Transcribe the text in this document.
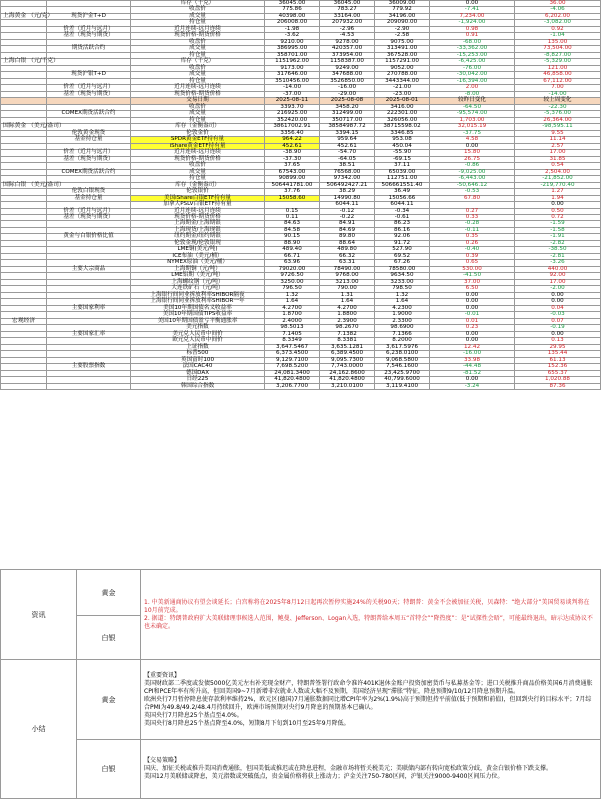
		库存（千克）	36045.00	36045.00	36009.00	0.00	36.00
		收盘价	775.86	783.27	779.92	-7.41	-4.06
上海黄金 （元/克）	现货沪金T+D	成交量	40398.00	33164.00	34196.00	7,234.00	6,202.00
		持仓量	206008.00	207932.00	209090.00	-1,924.00	-3,082.00
	价差（近月与远月）	近月连续-远月连续	-1.98	-2.96	-2.90	0.98	0.92
	基差（现货与期货）	现货价格-期货价格	-3.62	-4.53	-2.58	0.91	-1.04
		收盘价	9210.00	9278.00	9075.00	-68.00	135.00
	期货活跃合约	成交量	386995.00	420357.00	313491.00	-33,362.00	73,504.00
		持仓量	358701.00	373954.00	367528.00	-15,253.00	-8,827.00
上海白银 （元/千克）		库存（千克）	1151962.00	1158387.00	1157291.00	-6,425.00	-5,329.00
		收盘价	9173.00	9249.00	9052.00	-76.00	121.00
	现货沪银T+D	成交量	317646.00	347688.00	270788.00	-30,042.00	46,858.00
		持仓量	3510456.00	3526850.00	3443344.00	-16,394.00	67,112.00
	价差（近月与远月）	近月连续-远月连续	-14.00	-16.00	-21.00	2.00	7.00
	基差（现货与期货）	现货价格-期货价格	-37.00	-29.00	-23.00	-8.00	-14.00
		交易日期	2025-08-11	2025-08-08	2025-08-01	较昨日变化	较上周变化
		收盘价	3393.70	3458.20	3416.00	-64.50	-22.30
	COMEX期货活跃合约	成交量	216925.00	312499.00	222301.00	-95,574.00	-5,376.00
		持仓量	352420.00	350717.00	326056.00	1,703.00	26,364.00
国际黄金 （美元/盎司）		库存（金衡盎司）	38617002.91	38584987.72	38715598.02	32,015.19	-98,595.11
	伦敦黄金现货	伦敦金价	3356.40	3394.15	3346.85	-37.75	9.55
	基金持仓量	SPDR黄金ETF持有量	964.22	959.64	953.08	4.58	11.14
		iShare黄金ETF持有量	452.61	452.61	450.04	0.00	2.57
	价差（近月与远月）	近月连续-远月连续	-38.90	-54.70	-55.90	15.80	17.00
	基差（现货与期货）	现货价格-期货价格	-37.30	-64.05	-69.15	26.75	31.85
		收盘价	37.65	38.51	37.11	-0.86	0.54
	COMEX期货活跃合约	成交量	67543.00	76568.00	65039.00	-9,025.00	2,504.00
		持仓量	90899.00	97342.00	112751.00	-6,443.00	-21,852.00
国际白银 （美元/盎司）		库存（金衡盎司）	506441781.00	506492427.21	506661551.40	-50,646.12	-219,770.40
	伦敦白银现货	伦敦银价	37.76	38.29	36.49	-0.53	1.27
	基金持仓量	美国iShare白银ETF持有量	15058.60	14990.80	15056.66	67.80	1.94
		加拿大PSLV白银ETF持有量		6044.11	6044.11		0.00
	价差（近月与远月）	近月连续-远月连续	0.15	-0.12	-0.34	0.27	0.50
	基差（现货与期货）	现货价格-期货价格	0.11	-0.22	-0.61	0.33	0.72
		上海期金/上海期银	84.63	84.91	86.23	-0.28	-1.59
		上海现货/上海现银	84.58	84.69	86.16	-0.11	-1.58
	黄金与白银价格比值	纽约期金/纽约期银	90.15	89.80	92.06	0.35	-1.91
		伦敦金现/伦敦银现	88.90	88.64	91.72	0.26	-2.82
		LME铜(美元/吨)	489.40	489.80	527.90	-0.40	-38.50
		ICE布油（美元/桶）	66.71	66.32	69.52	0.39	-2.81
		NYMEX原油（美元/桶）	63.96	63.31	67.26	0.65	-3.26
	主要大宗商品	上海期铜（元/吨）	79020.00	78490.00	78580.00	530.00	440.00
		LME铝期（美元/吨）	9726.50	9768.00	9634.50	-41.50	92.00
		上海螺纹钢（元/吨）	3250.00	3213.00	3233.00	37.00	17.00
		大连铁矿石（元/吨）	796.50	790.00	798.50	6.50	-2.00
		上海银行间同业拆放利率SHIBOR隔夜	1.32	1.31	1.32	0.00	0.00
		上海银行间同业拆放利率SHIBOR一年	1.64	1.64	1.64	0.00	0.00
	主要国家利率	美国10年期国债名义收益率	4.2700	4.2700	4.2300	0.00	0.04
		美国10年期国债TIPS收益率	1.8700	1.8800	1.9000	-0.01	-0.03
宏观经济		美国10年期国债盈亏平衡通胀率	2.4000	2.3900	2.3300	0.01	0.07
		美元指数	98.5013	98.2670	98.6900	0.23	-0.19
	主要国家汇率	美元兑人民币中间价	7.1405	7.1382	7.1366	0.00	0.00
		欧元兑人民币中间价	8.3349	8.3381	8.2000	0.00	0.13
		上证指数	3,647.5467	3,635.1281	3,617.5976	12.42	29.95
		标普500	6,373.4500	6,389.4500	6,238.0100	-16.00	135.44
		英国富时100	9,129.7100	9,095.7300	9,068.5800	33.98	61.13
	主要股票指数	法国CAC40	7,698.5200	7,743.0000	7,546.1600	-44.48	152.36
		德国DAX	24,081.3400	24,162.8600	23,425.9700	-81.52	655.37
		日经225	41,820.4800	41,820.4800	40,799.6000	0.00	1,020.88
		韩国综合指数	3,206.7700	3,210.0100	3,119.4100	-3.24	87.36
资讯	黄金	1. 中美新通商协议有望会谈延长；白宫称将在2025年8月12日起再次暂停实施24%的关税90天；特朗普：黄金不会被加征关税，贝森特：“绝大部分”美国贸易谈判将在10月前完成。
2. 据道：特朗普政府扩大美联储理事候选人范围，鲍曼、Jefferson、Logan入选，特朗普给本周五“首特会”“降热度”：是“试探性会晤”，可能最终退出，暗示达成协议不也未确定。
	白银	
小结	黄金	【重要资讯】
美国财政部二季度或发债5000亿美元左右补充现金财产，特朗普签署行政命令准许401K退休金账户投资加密货币与私募基金等；进口关税推升商品价格美国6月消费通胀CPI和PCE年率有所升高，但回美国9~7月新增非农就业人数或大幅不及预期，美国经济呈现“滞胀”特征，降息预期9/10/12月降息预期升温。
欧洲央行7月暂停降息使存款利率维持2%，欧元区(德国)7月通胀数据同比增CPI年率为2%(1.9%)高于预期但持平前值(低于预期和前值)，但回到央行的目标水平；7月综合PMI为49.8/49.2/48.4月持续回升，欧洲市场预期对央行9月降息的预期基本已确认。
英国央行7月降息25个基点至4.0%。
美国央行8月降息25个基点降至4.0%，短期8月下旬到10月至25年9月降低。
	白银	【交易策略】
国庆、加征关税或推升美国消费通胀，但国美低或推迟或在降息进程，金融市场将暂关税美元；美联储内部有转向宽松政策分歧，黄金白银价格下跌支撑。
美国12月美联储或降息，美元指数或突破低点，贵金属价格将获上涨动力；沪金关注750-780区间，沪银关注9000-9400区间压力位。
